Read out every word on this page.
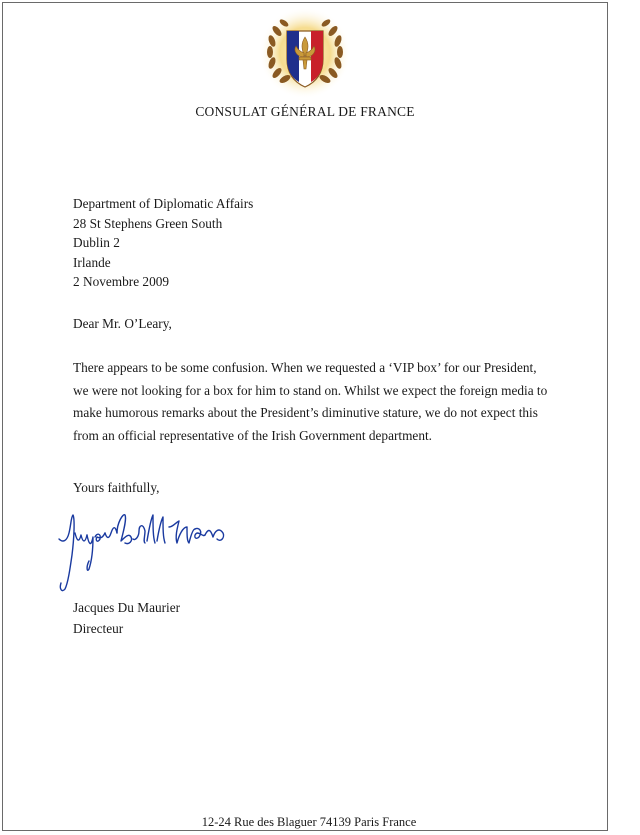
CONSULAT GÉNÉRAL DE FRANCE
Department of Diplomatic Affairs
28 St Stephens Green South
Dublin 2
Irlande
2 Novembre 2009
Dear Mr. O’Leary,
There appears to be some confusion. When we requested a ‘VIP box’ for our President, we were not looking for a box for him to stand on. Whilst we expect the foreign media to make humorous remarks about the President’s diminutive stature, we do not expect this from an official representative of the Irish Government department.
Yours faithfully,
Jacques Du Maurier
Directeur
12-24 Rue des Blaguer 74139 Paris France
